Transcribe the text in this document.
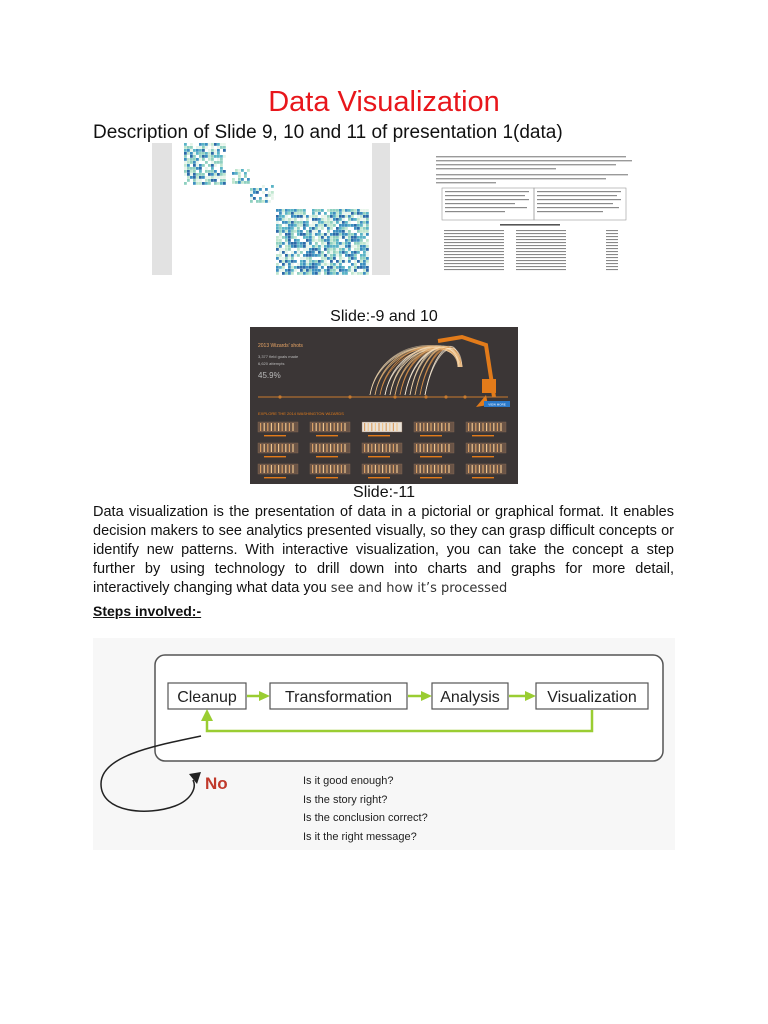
Data Visualization
Description of Slide 9, 10 and 11 of presentation 1(data)
Slide:-9 and 10
VIEW MORE
2013 Wizards' shots
3,377 field goals made
6,620 attempts
45.9%
EXPLORE THE 2014 WASHINGTON WIZARDS
Slide:-11
Data visualization is the presentation of data in a pictorial or graphical format. It enables decision makers to see analytics presented visually, so they can grasp difficult concepts or identify new patterns. With interactive visualization, you can take the concept a step further by using technology to drill down into charts and graphs for more detail, interactively changing what data you see and how it’s processed
Steps involved:-
Cleanup	Transformation	Analysis	Visualization
No	Is it good enough?
Is the story right?
Is the conclusion correct?
Is it the right message?
